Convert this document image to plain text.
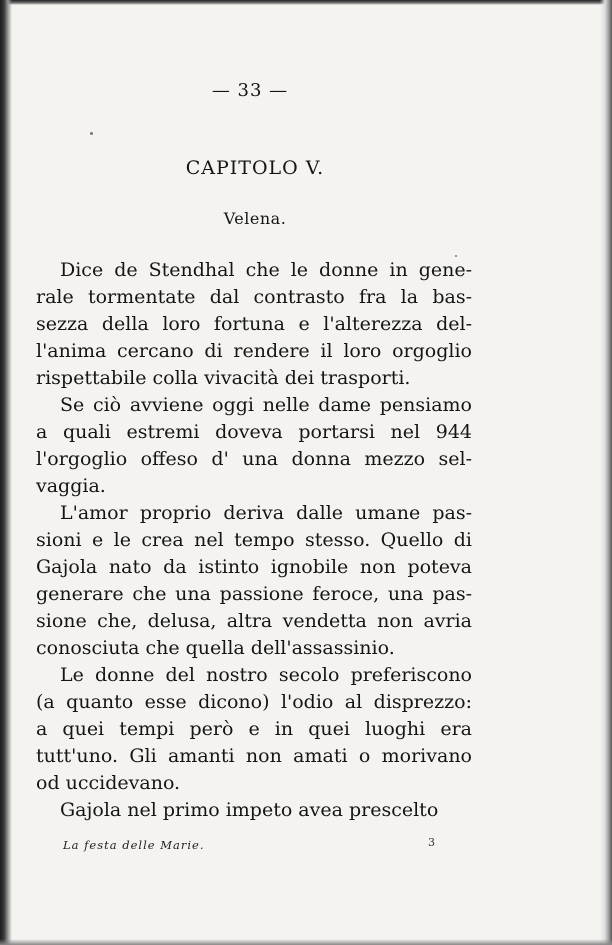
— 33 —
CAPITOLO V.
Velena.
Dice de Stendhal che le donne in gene-
rale tormentate dal contrasto fra la bas-
sezza della loro fortuna e l'alterezza del-
l'anima cercano di rendere il loro orgoglio
rispettabile colla vivacità dei trasporti.
Se ciò avviene oggi nelle dame pensiamo
a quali estremi doveva portarsi nel 944
l'orgoglio offeso d' una donna mezzo sel-
vaggia.
L'amor proprio deriva dalle umane pas-
sioni e le crea nel tempo stesso. Quello di
Gajola nato da istinto ignobile non poteva
generare che una passione feroce, una pas-
sione che, delusa, altra vendetta non avria
conosciuta che quella dell'assassinio.
Le donne del nostro secolo preferiscono
(a quanto esse dicono) l'odio al disprezzo:
a quei tempi però e in quei luoghi era
tutt'uno. Gli amanti non amati o morivano
od uccidevano.
Gajola nel primo impeto avea prescelto
La festa delle Marie.	3
